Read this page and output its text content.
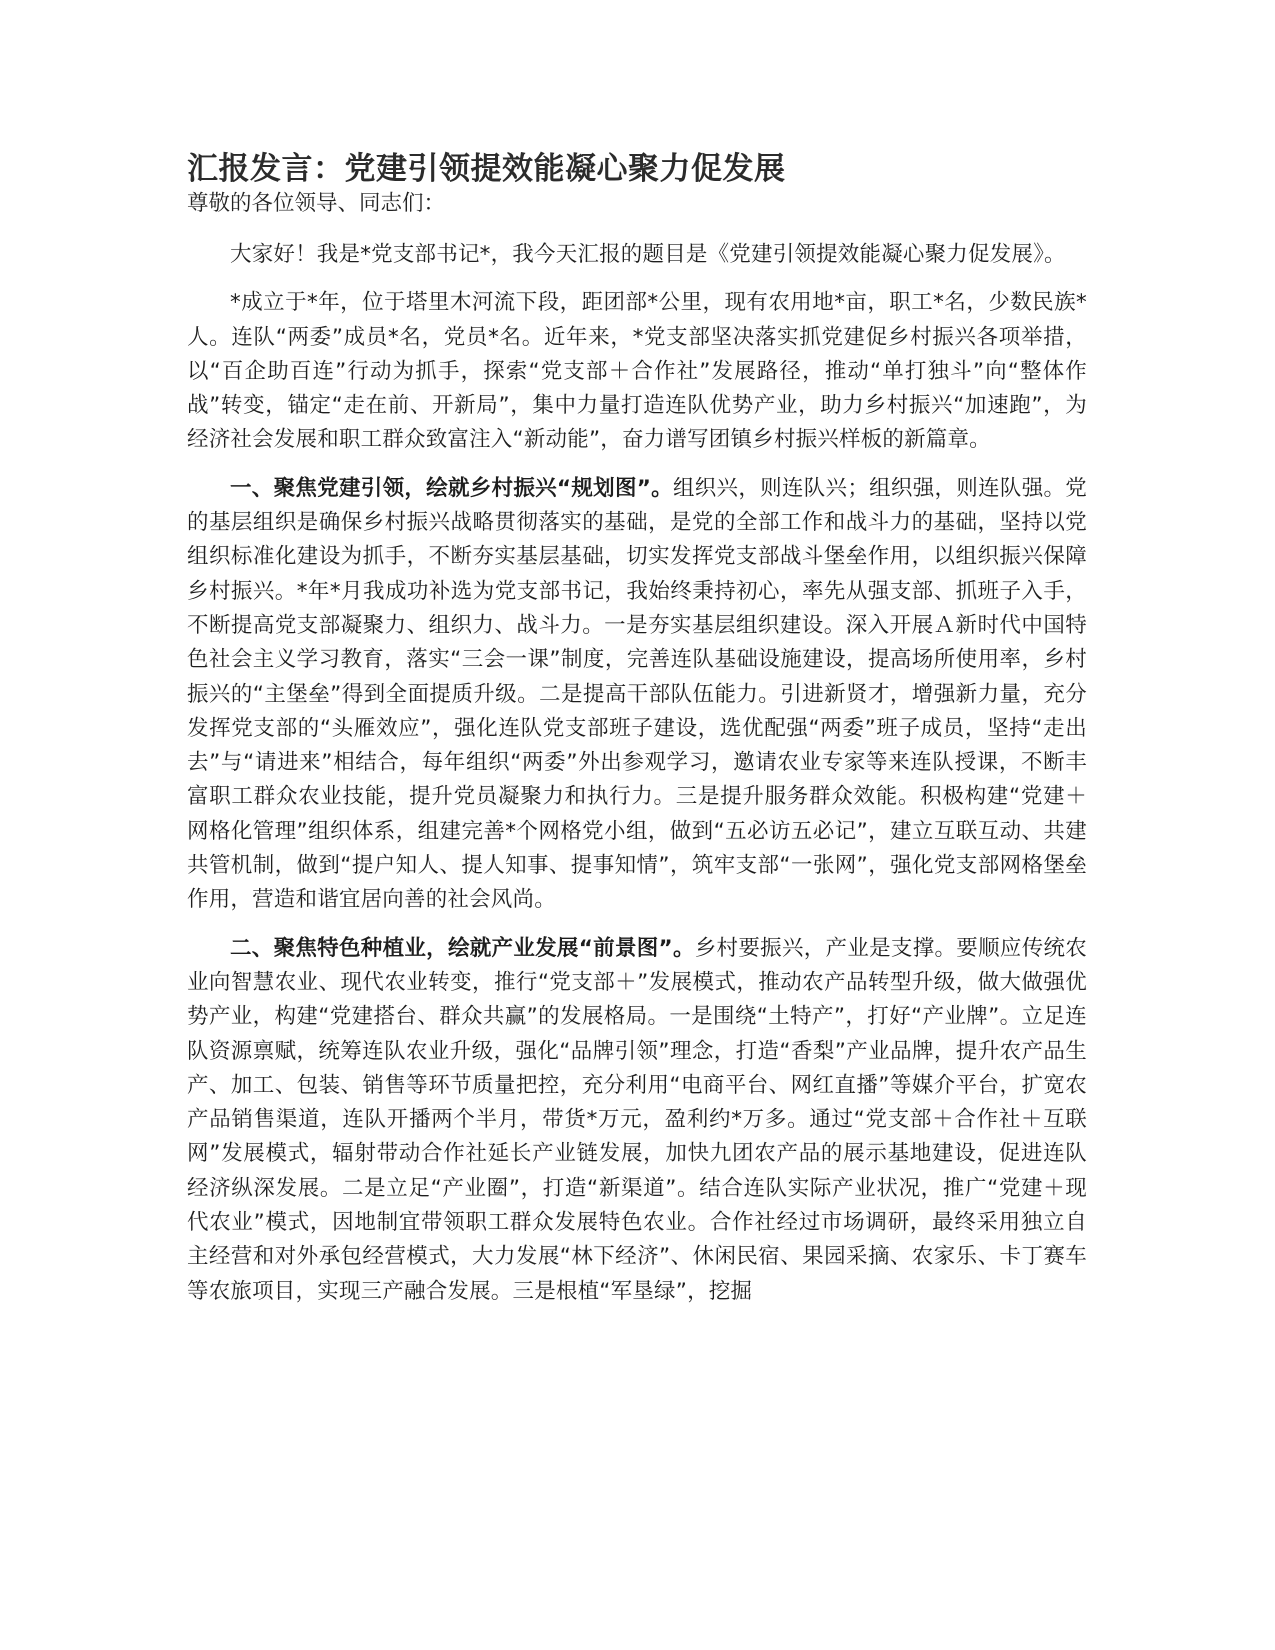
汇报发言：党建引领提效能凝心聚力促发展

尊敬的各位领导、同志们：

大家好！我是*党支部书记*，我今天汇报的题目是《党建引领提效能凝心聚力促发展》。

*成立于*年，位于塔里木河流下段，距团部*公里，现有农用地*亩，职工*名，少数民族*人。连队“两委”成员*名，党员*名。近年来，*党支部坚决落实抓党建促乡村振兴各项举措，以“百企助百连”行动为抓手，探索“党支部＋合作社”发展路径，推动“单打独斗”向“整体作战”转变，锚定“走在前、开新局”，集中力量打造连队优势产业，助力乡村振兴“加速跑”，为经济社会发展和职工群众致富注入“新动能”，奋力谱写团镇乡村振兴样板的新篇章。

一、聚焦党建引领，绘就乡村振兴“规划图”。组织兴，则连队兴；组织强，则连队强。党的基层组织是确保乡村振兴战略贯彻落实的基础，是党的全部工作和战斗力的基础，坚持以党组织标准化建设为抓手，不断夯实基层基础，切实发挥党支部战斗堡垒作用，以组织振兴保障乡村振兴。*年*月我成功补选为党支部书记，我始终秉持初心，率先从强支部、抓班子入手，不断提高党支部凝聚力、组织力、战斗力。一是夯实基层组织建设。深入开展Ａ新时代中国特色社会主义学习教育，落实“三会一课”制度，完善连队基础设施建设，提高场所使用率，乡村振兴的“主堡垒”得到全面提质升级。二是提高干部队伍能力。引进新贤才，增强新力量，充分发挥党支部的“头雁效应”，强化连队党支部班子建设，选优配强“两委”班子成员，坚持“走出去”与“请进来”相结合，每年组织“两委”外出参观学习，邀请农业专家等来连队授课，不断丰富职工群众农业技能，提升党员凝聚力和执行力。三是提升服务群众效能。积极构建“党建＋网格化管理”组织体系，组建完善*个网格党小组，做到“五必访五必记”，建立互联互动、共建共管机制，做到“提户知人、提人知事、提事知情”，筑牢支部“一张网”，强化党支部网格堡垒作用，营造和谐宜居向善的社会风尚。

二、聚焦特色种植业，绘就产业发展“前景图”。乡村要振兴，产业是支撑。要顺应传统农业向智慧农业、现代农业转变，推行“党支部＋”发展模式，推动农产品转型升级，做大做强优势产业，构建“党建搭台、群众共赢”的发展格局。一是围绕“土特产”，打好“产业牌”。立足连队资源禀赋，统筹连队农业升级，强化“品牌引领”理念，打造“香梨”产业品牌，提升农产品生产、加工、包装、销售等环节质量把控，充分利用“电商平台、网红直播”等媒介平台，扩宽农产品销售渠道，连队开播两个半月，带货*万元，盈利约*万多。通过“党支部＋合作社＋互联网”发展模式，辐射带动合作社延长产业链发展，加快九团农产品的展示基地建设，促进连队经济纵深发展。二是立足“产业圈”，打造“新渠道”。结合连队实际产业状况，推广“党建＋现代农业”模式，因地制宜带领职工群众发展特色农业。合作社经过市场调研，最终采用独立自主经营和对外承包经营模式，大力发展“林下经济”、休闲民宿、果园采摘、农家乐、卡丁赛车等农旅项目，实现三产融合发展。三是根植“军垦绿”，挖掘
